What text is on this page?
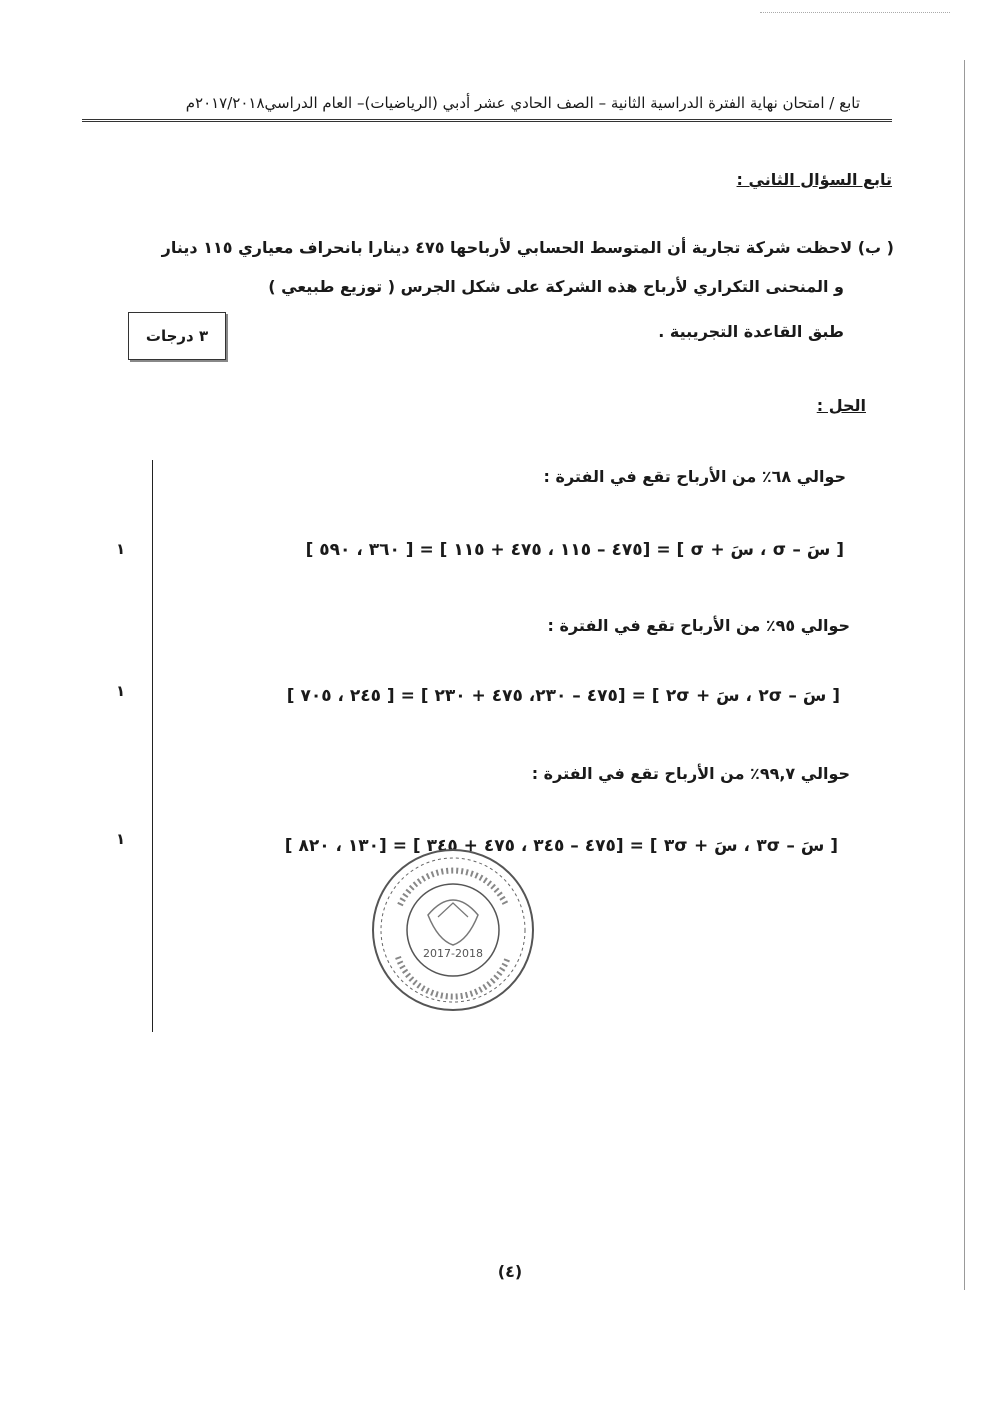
تابع / امتحان نهاية الفترة الدراسية الثانية – الصف الحادي عشر أدبي (الرياضيات)– العام الدراسي٢٠١٧/٢٠١٨م
تابع السؤال الثاني :
( ب) لاحظت شركة تجارية أن المتوسط الحسابي لأرباحها ٤٧٥ دينارا بانحراف معياري ١١٥ دينار
و المنحنى التكراري لأرباح هذه الشركة على شكل الجرس ( توزيع طبيعي )
طبق القاعدة التجريبية .
٣ درجات
الحل :
حوالي ٦٨٪ من الأرباح تقع في الفترة :
[ سَ – σ ، سَ + σ ] = [٤٧٥ – ١١٥ ، ٤٧٥ + ١١٥ ] = [ ٣٦٠ ، ٥٩٠ ]
١
حوالي ٩٥٪ من الأرباح تقع في الفترة :
[ سَ – ٢σ ، سَ + ٢σ ] = [٤٧٥ – ٢٣٠، ٤٧٥ + ٢٣٠ ] = [ ٢٤٥ ، ٧٠٥ ]
١
حوالي ٩٩,٧٪ من الأرباح تقع في الفترة :
[ سَ – ٣σ ، سَ + ٣σ ] = [٤٧٥ – ٣٤٥ ، ٤٧٥ + ٣٤٥ ] = [١٣٠ ، ٨٢٠ ]
١
2017-2018
(٤)
